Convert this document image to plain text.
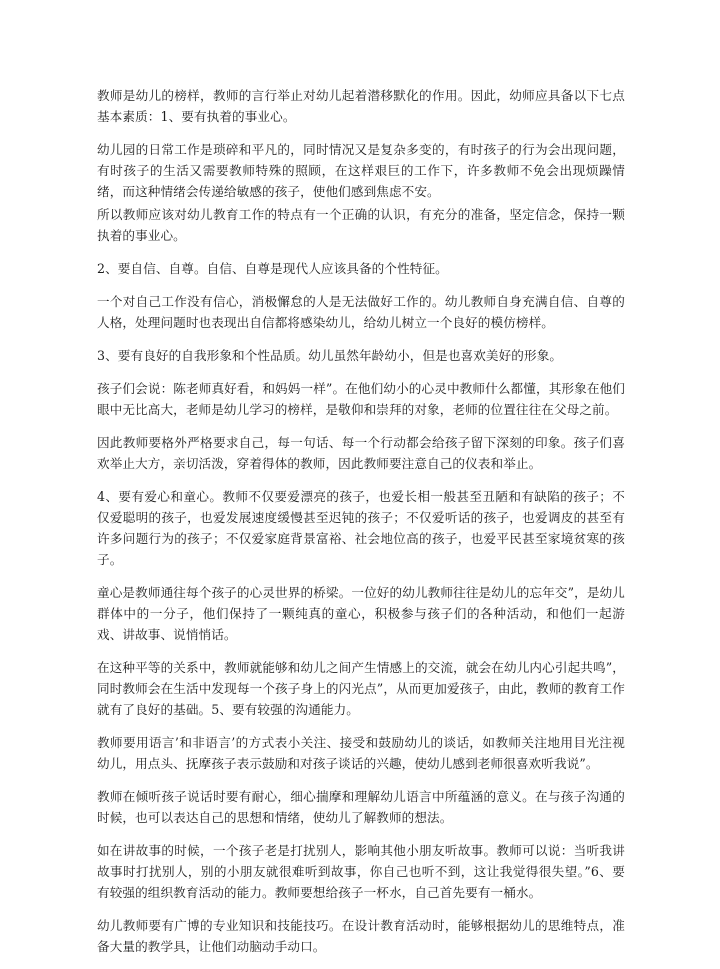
教师是幼儿的榜样，教师的言行举止对幼儿起着潜移默化的作用。因此，幼师应具备以下七点基本素质：1、要有执着的事业心。

幼儿园的日常工作是琐碎和平凡的，同时情况又是复杂多变的，有时孩子的行为会出现问题，有时孩子的生活又需要教师特殊的照顾，在这样艰巨的工作下，许多教师不免会出现烦躁情绪，而这种情绪会传递给敏感的孩子，使他们感到焦虑不安。

所以教师应该对幼儿教育工作的特点有一个正确的认识，有充分的准备，坚定信念，保持一颗执着的事业心。

2、要自信、自尊。自信、自尊是现代人应该具备的个性特征。

一个对自己工作没有信心，消极懈怠的人是无法做好工作的。幼儿教师自身充满自信、自尊的人格，处理问题时也表现出自信都将感染幼儿，给幼儿树立一个良好的模仿榜样。

3、要有良好的自我形象和个性品质。幼儿虽然年龄幼小，但是也喜欢美好的形象。

孩子们会说：陈老师真好看，和妈妈一样”。在他们幼小的心灵中教师什么都懂，其形象在他们眼中无比高大，老师是幼儿学习的榜样，是敬仰和崇拜的对象，老师的位置往往在父母之前。

因此教师要格外严格要求自己，每一句话、每一个行动都会给孩子留下深刻的印象。孩子们喜欢举止大方，亲切活泼，穿着得体的教师，因此教师要注意自己的仪表和举止。

4、要有爱心和童心。教师不仅要爱漂亮的孩子，也爱长相一般甚至丑陋和有缺陷的孩子；不仅爱聪明的孩子，也爱发展速度缓慢甚至迟钝的孩子；不仅爱听话的孩子，也爱调皮的甚至有许多问题行为的孩子；不仅爱家庭背景富裕、社会地位高的孩子，也爱平民甚至家境贫寒的孩子。

童心是教师通往每个孩子的心灵世界的桥梁。一位好的幼儿教师往往是幼儿的忘年交”，是幼儿群体中的一分子，他们保持了一颗纯真的童心，积极参与孩子们的各种活动，和他们一起游戏、讲故事、说悄悄话。

在这种平等的关系中，教师就能够和幼儿之间产生情感上的交流，就会在幼儿内心引起共鸣”，同时教师会在生活中发现每一个孩子身上的闪光点”，从而更加爱孩子，由此，教师的教育工作就有了良好的基础。5、要有较强的沟通能力。

教师要用语言’和非语言’的方式表小关注、接受和鼓励幼儿的谈话，如教师关注地用目光注视幼儿，用点头、抚摩孩子表示鼓励和对孩子谈话的兴趣，使幼儿感到老师很喜欢听我说”。

教师在倾听孩子说话时要有耐心，细心揣摩和理解幼儿语言中所蕴涵的意义。在与孩子沟通的时候，也可以表达自己的思想和情绪，使幼儿了解教师的想法。

如在讲故事的时候，一个孩子老是打扰别人，影响其他小朋友听故事。教师可以说：当听我讲故事时打扰别人，别的小朋友就很难听到故事，你自己也听不到，这让我觉得很失望。”6、要有较强的组织教育活动的能力。教师要想给孩子一杯水，自己首先要有一桶水。

幼儿教师要有广博的专业知识和技能技巧。在设计教育活动时，能够根据幼儿的思维特点，准备大量的教学具，让他们动脑动手动口。
